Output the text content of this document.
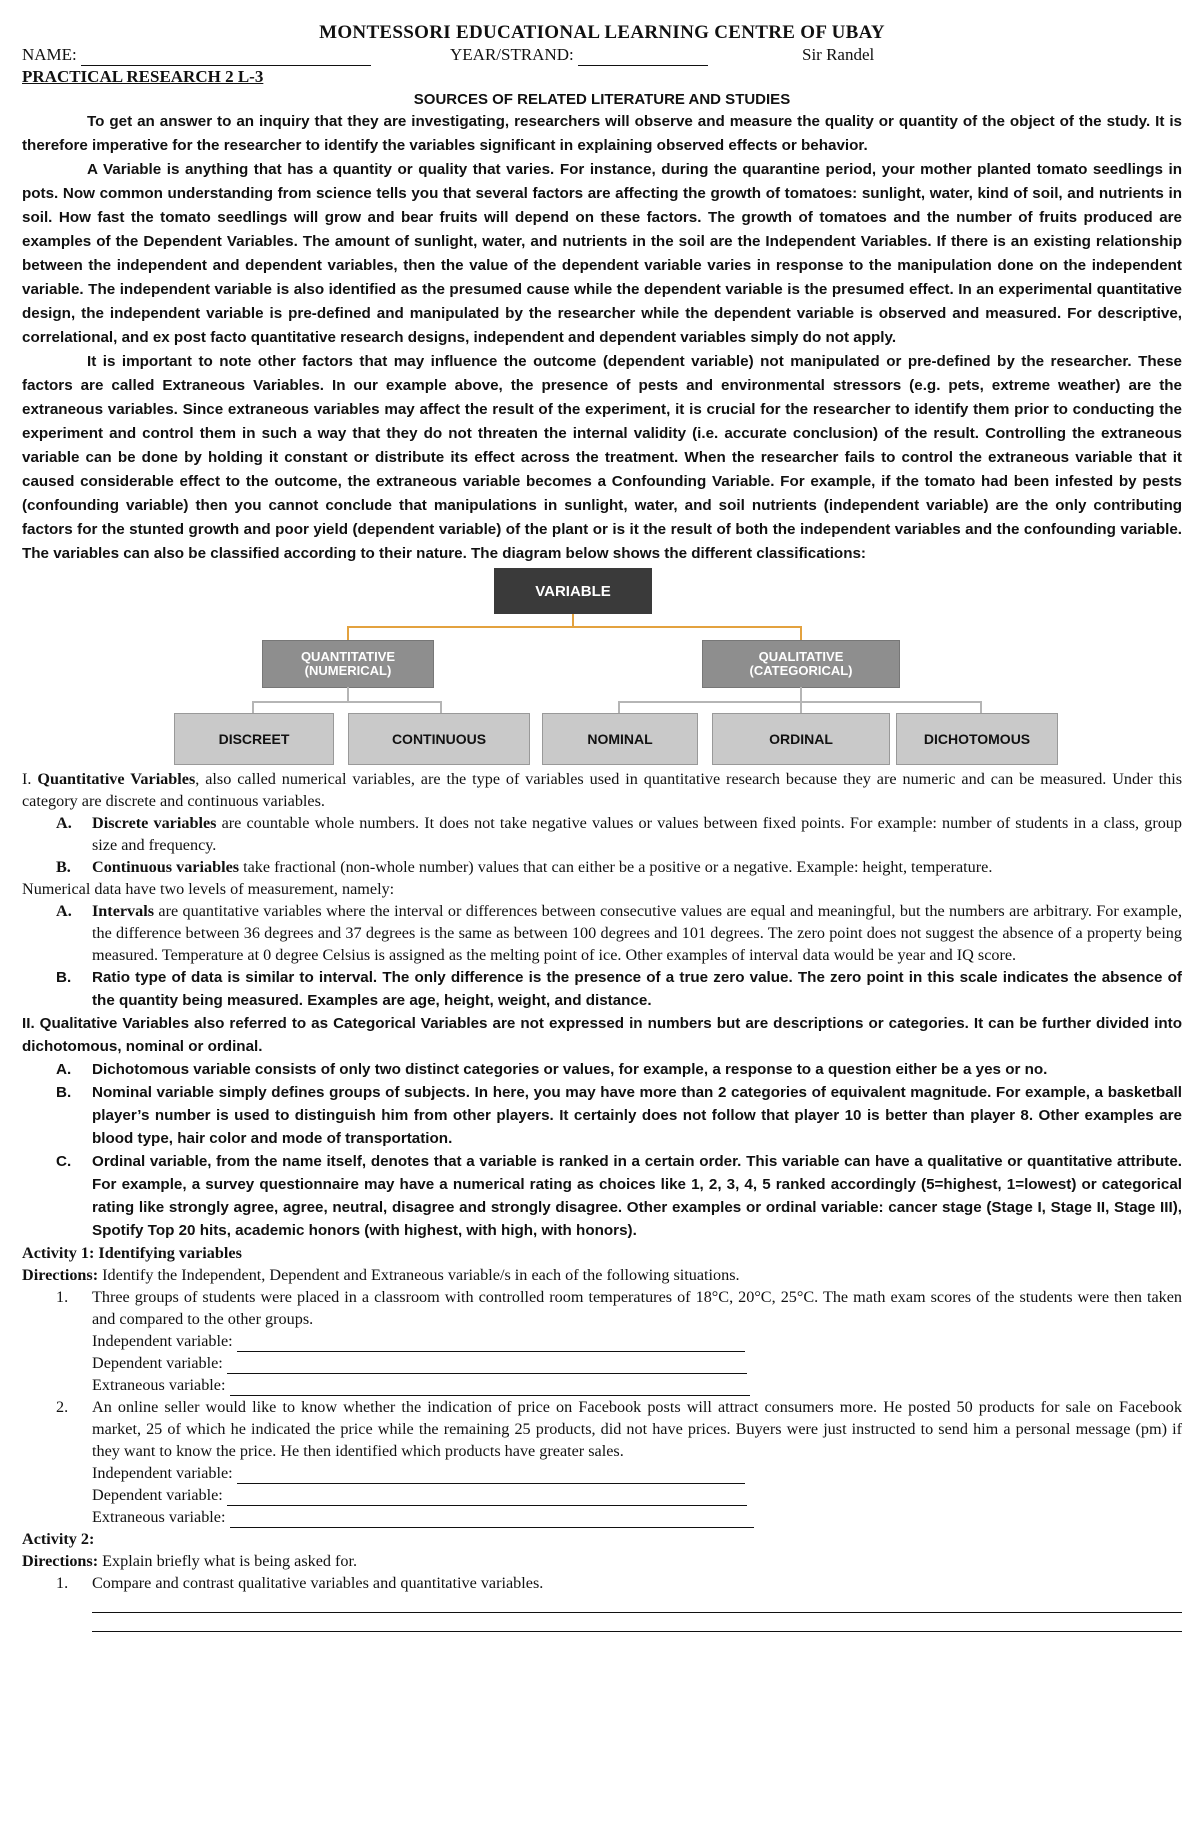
MONTESSORI EDUCATIONAL LEARNING CENTRE OF UBAY
NAME:	YEAR/STRAND:	Sir Randel
PRACTICAL RESEARCH 2 L-3
SOURCES OF RELATED LITERATURE AND STUDIES

To get an answer to an inquiry that they are investigating, researchers will observe and measure the quality or quantity of the object of the study. It is therefore imperative for the researcher to identify the variables significant in explaining observed effects or behavior.

A Variable is anything that has a quantity or quality that varies. For instance, during the quarantine period, your mother planted tomato seedlings in pots. Now common understanding from science tells you that several factors are affecting the growth of tomatoes: sunlight, water, kind of soil, and nutrients in soil. How fast the tomato seedlings will grow and bear fruits will depend on these factors. The growth of tomatoes and the number of fruits produced are examples of the Dependent Variables. The amount of sunlight, water, and nutrients in the soil are the Independent Variables. If there is an existing relationship between the independent and dependent variables, then the value of the dependent variable varies in response to the manipulation done on the independent variable. The independent variable is also identified as the presumed cause while the dependent variable is the presumed effect. In an experimental quantitative design, the independent variable is pre-defined and manipulated by the researcher while the dependent variable is observed and measured. For descriptive, correlational, and ex post facto quantitative research designs, independent and dependent variables simply do not apply.

It is important to note other factors that may influence the outcome (dependent variable) not manipulated or pre-defined by the researcher. These factors are called Extraneous Variables. In our example above, the presence of pests and environmental stressors (e.g. pets, extreme weather) are the extraneous variables. Since extraneous variables may affect the result of the experiment, it is crucial for the researcher to identify them prior to conducting the experiment and control them in such a way that they do not threaten the internal validity (i.e. accurate conclusion) of the result. Controlling the extraneous variable can be done by holding it constant or distribute its effect across the treatment. When the researcher fails to control the extraneous variable that it caused considerable effect to the outcome, the extraneous variable becomes a Confounding Variable. For example, if the tomato had been infested by pests (confounding variable) then you cannot conclude that manipulations in sunlight, water, and soil nutrients (independent variable) are the only contributing factors for the stunted growth and poor yield (dependent variable) of the plant or is it the result of both the independent variables and the confounding variable. The variables can also be classified according to their nature. The diagram below shows the different classifications:

VARIABLE
QUANTITATIVE
(NUMERICAL)
QUALITATIVE
(CATEGORICAL)
DISCREET	CONTINUOUS	NOMINAL	ORDINAL	DICHOTOMOUS

I. Quantitative Variables, also called numerical variables, are the type of variables used in quantitative research because they are numeric and can be measured. Under this category are discrete and continuous variables.

A. Discrete variables are countable whole numbers. It does not take negative values or values between fixed points. For example: number of students in a class, group size and frequency.
B. Continuous variables take fractional (non-whole number) values that can either be a positive or a negative. Example: height, temperature.

Numerical data have two levels of measurement, namely:

A. Intervals are quantitative variables where the interval or differences between consecutive values are equal and meaningful, but the numbers are arbitrary. For example, the difference between 36 degrees and 37 degrees is the same as between 100 degrees and 101 degrees. The zero point does not suggest the absence of a property being measured. Temperature at 0 degree Celsius is assigned as the melting point of ice. Other examples of interval data would be year and IQ score.
B. Ratio type of data is similar to interval. The only difference is the presence of a true zero value. The zero point in this scale indicates the absence of the quantity being measured. Examples are age, height, weight, and distance.

II. Qualitative Variables also referred to as Categorical Variables are not expressed in numbers but are descriptions or categories. It can be further divided into dichotomous, nominal or ordinal.

A. Dichotomous variable consists of only two distinct categories or values, for example, a response to a question either be a yes or no.
B. Nominal variable simply defines groups of subjects. In here, you may have more than 2 categories of equivalent magnitude. For example, a basketball player’s number is used to distinguish him from other players. It certainly does not follow that player 10 is better than player 8. Other examples are blood type, hair color and mode of transportation.
C. Ordinal variable, from the name itself, denotes that a variable is ranked in a certain order. This variable can have a qualitative or quantitative attribute. For example, a survey questionnaire may have a numerical rating as choices like 1, 2, 3, 4, 5 ranked accordingly (5=highest, 1=lowest) or categorical rating like strongly agree, agree, neutral, disagree and strongly disagree. Other examples or ordinal variable: cancer stage (Stage I, Stage II, Stage III), Spotify Top 20 hits, academic honors (with highest, with high, with honors).

Activity 1: Identifying variables

Directions: Identify the Independent, Dependent and Extraneous variable/s in each of the following situations.

1. Three groups of students were placed in a classroom with controlled room temperatures of 18°C, 20°C, 25°C. The math exam scores of the students were then taken and compared to the other groups.
Independent variable:
Dependent variable:
Extraneous variable:
2. An online seller would like to know whether the indication of price on Facebook posts will attract consumers more. He posted 50 products for sale on Facebook market, 25 of which he indicated the price while the remaining 25 products, did not have prices. Buyers were just instructed to send him a personal message (pm) if they want to know the price. He then identified which products have greater sales.
Independent variable:
Dependent variable:
Extraneous variable:

Activity 2:

Directions: Explain briefly what is being asked for.

1. Compare and contrast qualitative variables and quantitative variables.
